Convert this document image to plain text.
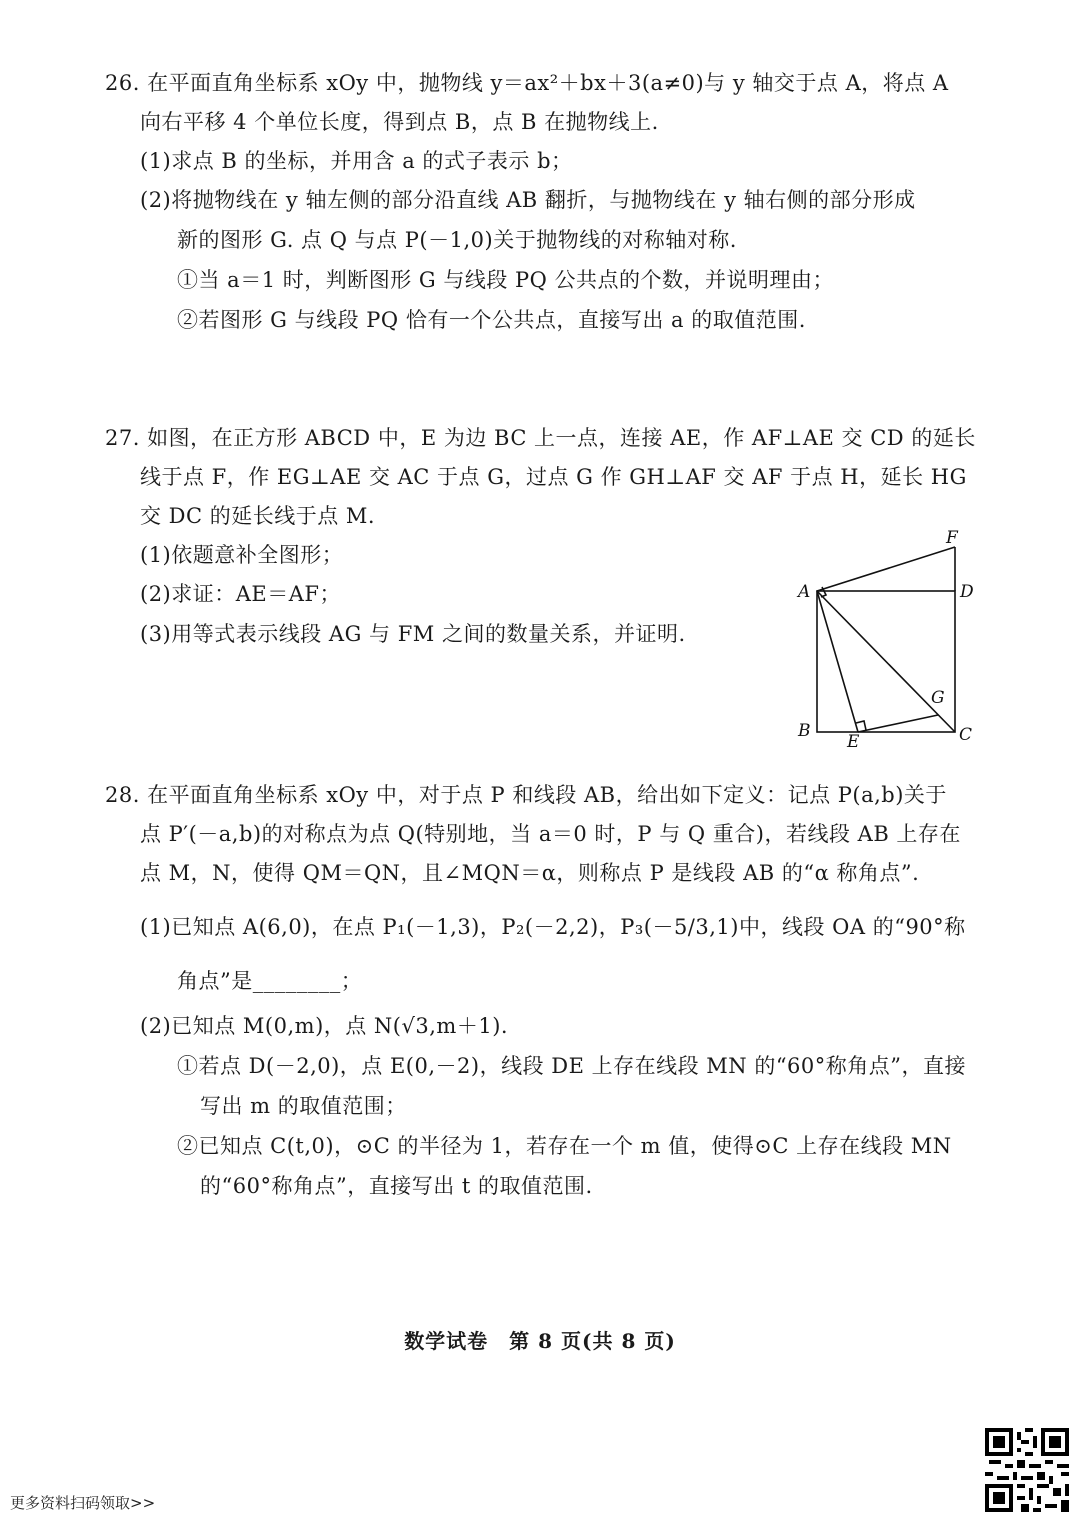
26. 在平面直角坐标系 xOy 中，抛物线 y＝ax²＋bx＋3(a≠0)与 y 轴交于点 A，将点 A
向右平移 4 个单位长度，得到点 B，点 B 在抛物线上.
(1)求点 B 的坐标，并用含 a 的式子表示 b；
(2)将抛物线在 y 轴左侧的部分沿直线 AB 翻折，与抛物线在 y 轴右侧的部分形成
新的图形 G. 点 Q 与点 P(－1,0)关于抛物线的对称轴对称.
①当 a＝1 时，判断图形 G 与线段 PQ 公共点的个数，并说明理由；
②若图形 G 与线段 PQ 恰有一个公共点，直接写出 a 的取值范围.
27. 如图，在正方形 ABCD 中，E 为边 BC 上一点，连接 AE，作 AF⊥AE 交 CD 的延长
线于点 F，作 EG⊥AE 交 AC 于点 G，过点 G 作 GH⊥AF 交 AF 于点 H，延长 HG
交 DC 的延长线于点 M.
(1)依题意补全图形；
(2)求证：AE＝AF；
(3)用等式表示线段 AG 与 FM 之间的数量关系，并证明.
F
A	D
G
B
E	C
28. 在平面直角坐标系 xOy 中，对于点 P 和线段 AB，给出如下定义：记点 P(a,b)关于
点 P′(－a,b)的对称点为点 Q(特别地，当 a＝0 时，P 与 Q 重合)，若线段 AB 上存在
点 M，N，使得 QM＝QN，且∠MQN＝α，则称点 P 是线段 AB 的“α 称角点”.
(1)已知点 A(6,0)，在点 P₁(－1,3)，P₂(－2,2)，P₃(－5/3,1)中，线段 OA 的“90°称
角点”是________；
(2)已知点 M(0,m)，点 N(√3,m＋1).
①若点 D(－2,0)，点 E(0,－2)，线段 DE 上存在线段 MN 的“60°称角点”，直接
写出 m 的取值范围；
②已知点 C(t,0)，⊙C 的半径为 1，若存在一个 m 值，使得⊙C 上存在线段 MN
的“60°称角点”，直接写出 t 的取值范围.
数学试卷　第 8 页(共 8 页)
更多资料扫码领取>>
